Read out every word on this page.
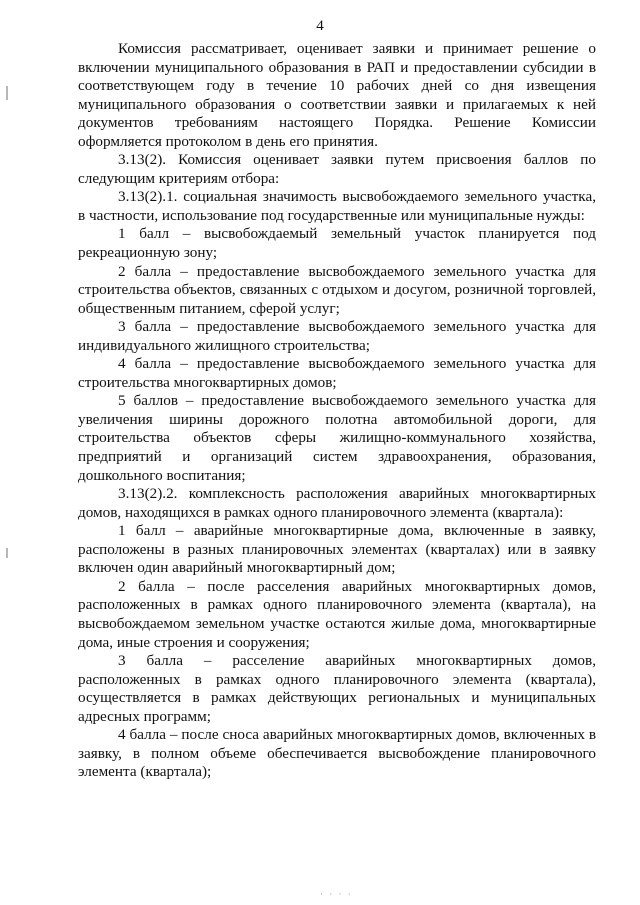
4

Комиссия рассматривает, оценивает заявки и принимает решение о включении муниципального образования в РАП и предоставлении субсидии в соответствующем году в течение 10 рабочих дней со дня извещения муниципального образования о соответствии заявки и прилагаемых к ней документов требованиям настоящего Порядка. Решение Комиссии оформляется протоколом в день его принятия.

3.13(2). Комиссия оценивает заявки путем присвоения баллов по следующим критериям отбора:

3.13(2).1. социальная значимость высвобождаемого земельного участка, в частности, использование под государственные или муниципальные нужды:

1 балл – высвобождаемый земельный участок планируется под рекреационную зону;

2 балла – предоставление высвобождаемого земельного участка для строительства объектов, связанных с отдыхом и досугом, розничной торговлей, общественным питанием, сферой услуг;

3 балла – предоставление высвобождаемого земельного участка для индивидуального жилищного строительства;

4 балла – предоставление высвобождаемого земельного участка для строительства многоквартирных домов;

5 баллов – предоставление высвобождаемого земельного участка для увеличения ширины дорожного полотна автомобильной дороги, для строительства объектов сферы жилищно-коммунального хозяйства, предприятий и организаций систем здравоохранения, образования, дошкольного воспитания;

3.13(2).2. комплексность расположения аварийных многоквартирных домов, находящихся в рамках одного планировочного элемента (квартала):

1 балл – аварийные многоквартирные дома, включенные в заявку, расположены в разных планировочных элементах (кварталах) или в заявку включен один аварийный многоквартирный дом;

2 балла – после расселения аварийных многоквартирных домов, расположенных в рамках одного планировочного элемента (квартала), на высвобождаемом земельном участке остаются жилые дома, многоквартирные дома, иные строения и сооружения;

3 балла – расселение аварийных многоквартирных домов, расположенных в рамках одного планировочного элемента (квартала), осуществляется в рамках действующих региональных и муниципальных адресных программ;

4 балла – после сноса аварийных многоквартирных домов, включенных в заявку, в полном объеме обеспечивается высвобождение планировочного элемента (квартала);

· · · ·
